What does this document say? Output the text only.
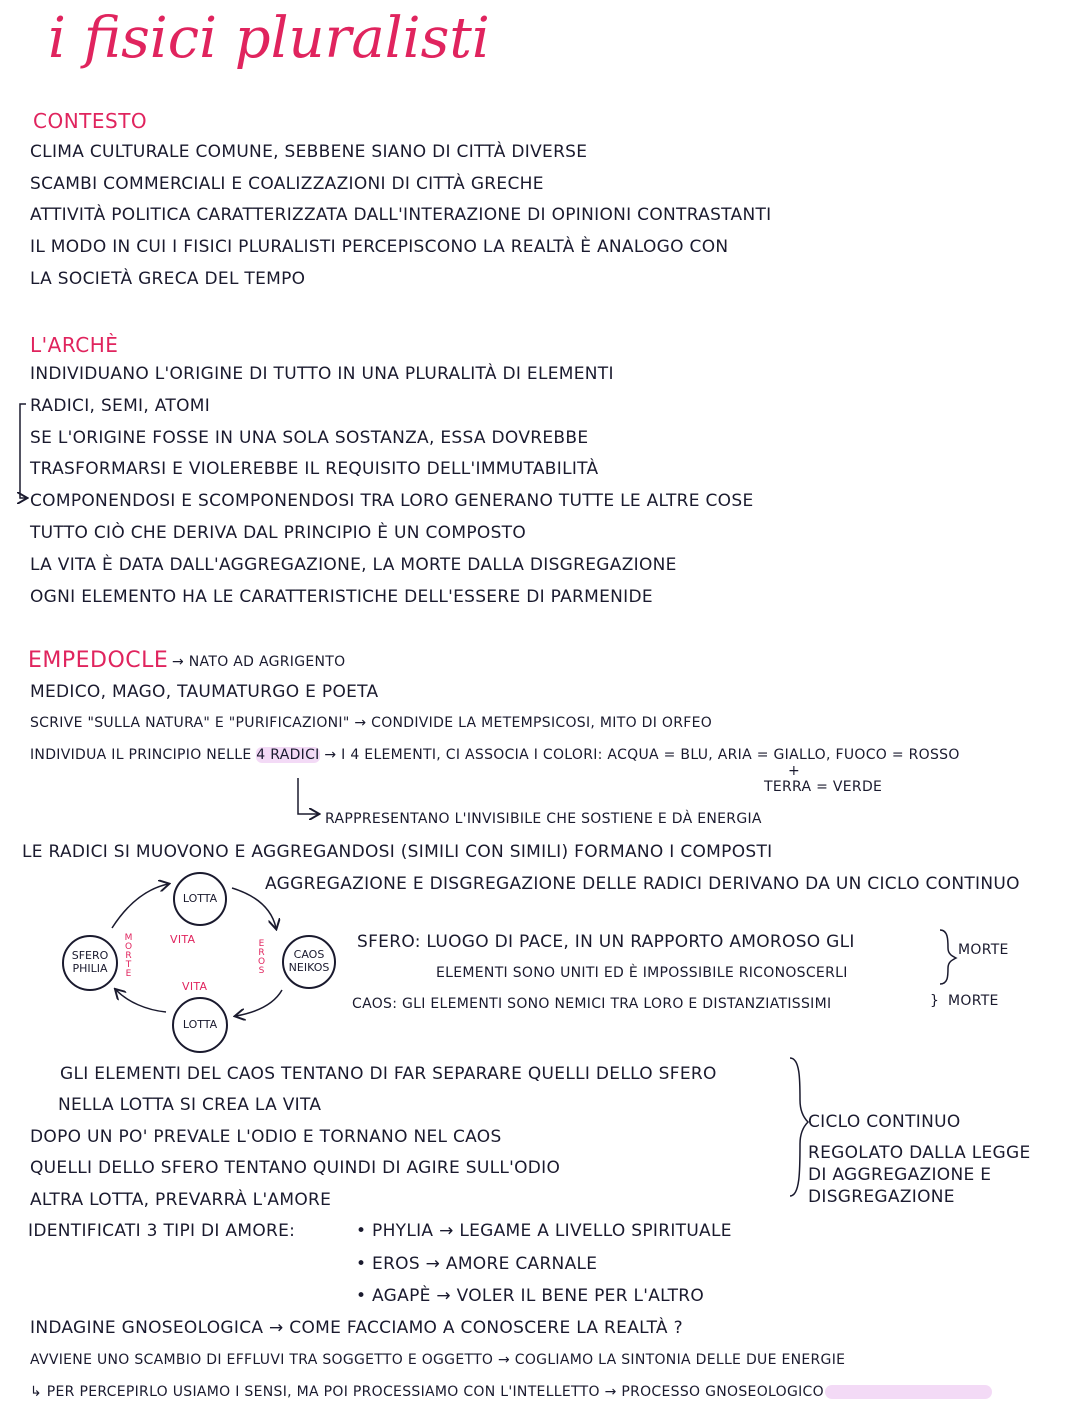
i fisici pluralisti
CONTESTO
CLIMA CULTURALE COMUNE, SEBBENE SIANO DI CITTÀ DIVERSE
SCAMBI COMMERCIALI E COALIZZAZIONI DI CITTÀ GRECHE
ATTIVITÀ POLITICA CARATTERIZZATA DALL'INTERAZIONE DI OPINIONI CONTRASTANTI
IL MODO IN CUI I FISICI PLURALISTI PERCEPISCONO LA REALTÀ È ANALOGO CON
LA SOCIETÀ GRECA DEL TEMPO
L'ARCHÈ
INDIVIDUANO L'ORIGINE DI TUTTO IN UNA PLURALITÀ DI ELEMENTI
RADICI, SEMI, ATOMI
SE L'ORIGINE FOSSE IN UNA SOLA SOSTANZA, ESSA DOVREBBE
TRASFORMARSI E VIOLEREBBE IL REQUISITO DELL'IMMUTABILITÀ
COMPONENDOSI E SCOMPONENDOSI TRA LORO GENERANO TUTTE LE ALTRE COSE
TUTTO CIÒ CHE DERIVA DAL PRINCIPIO È UN COMPOSTO
LA VITA È DATA DALL'AGGREGAZIONE, LA MORTE DALLA DISGREGAZIONE
OGNI ELEMENTO HA LE CARATTERISTICHE DELL'ESSERE DI PARMENIDE
EMPEDOCLE → NATO AD AGRIGENTO
MEDICO, MAGO, TAUMATURGO E POETA
SCRIVE "SULLA NATURA" E "PURIFICAZIONI" → CONDIVIDE LA METEMPSICOSI, MITO DI ORFEO
INDIVIDUA IL PRINCIPIO NELLE 4 RADICI → I 4 ELEMENTI, CI ASSOCIA I COLORI: ACQUA = BLU, ARIA = GIALLO, FUOCO = ROSSO
+
TERRA = VERDE
RAPPRESENTANO L'INVISIBILE CHE SOSTIENE E DÀ ENERGIA
LE RADICI SI MUOVONO E AGGREGANDOSI (SIMILI CON SIMILI) FORMANO I COMPOSTI
AGGREGAZIONE E DISGREGAZIONE DELLE RADICI DERIVANO DA UN CICLO CONTINUO
LOTTA
LOTTA
SFERO
PHILIA
CAOS
NEIKOS
VITA
VITA
MORTE
EROS
SFERO: LUOGO DI PACE, IN UN RAPPORTO AMOROSO GLI
ELEMENTI SONO UNITI ED È IMPOSSIBILE RICONOSCERLI
MORTE
CAOS: GLI ELEMENTI SONO NEMICI TRA LORO E DISTANZIATISSIMI	} MORTE
GLI ELEMENTI DEL CAOS TENTANO DI FAR SEPARARE QUELLI DELLO SFERO
NELLA LOTTA SI CREA LA VITA
DOPO UN PO' PREVALE L'ODIO E TORNANO NEL CAOS
QUELLI DELLO SFERO TENTANO QUINDI DI AGIRE SULL'ODIO
ALTRA LOTTA, PREVARRÀ L'AMORE
CICLO CONTINUO
REGOLATO DALLA LEGGE
DI AGGREGAZIONE E
DISGREGAZIONE
IDENTIFICATI 3 TIPI DI AMORE:	• PHYLIA → LEGAME A LIVELLO SPIRITUALE
• EROS → AMORE CARNALE
• AGAPÈ → VOLER IL BENE PER L'ALTRO
INDAGINE GNOSEOLOGICA → COME FACCIAMO A CONOSCERE LA REALTÀ ?
AVVIENE UNO SCAMBIO DI EFFLUVI TRA SOGGETTO E OGGETTO → COGLIAMO LA SINTONIA DELLE DUE ENERGIE
↳ PER PERCEPIRLO USIAMO I SENSI, MA POI PROCESSIAMO CON L'INTELLETTO → PROCESSO GNOSEOLOGICO
